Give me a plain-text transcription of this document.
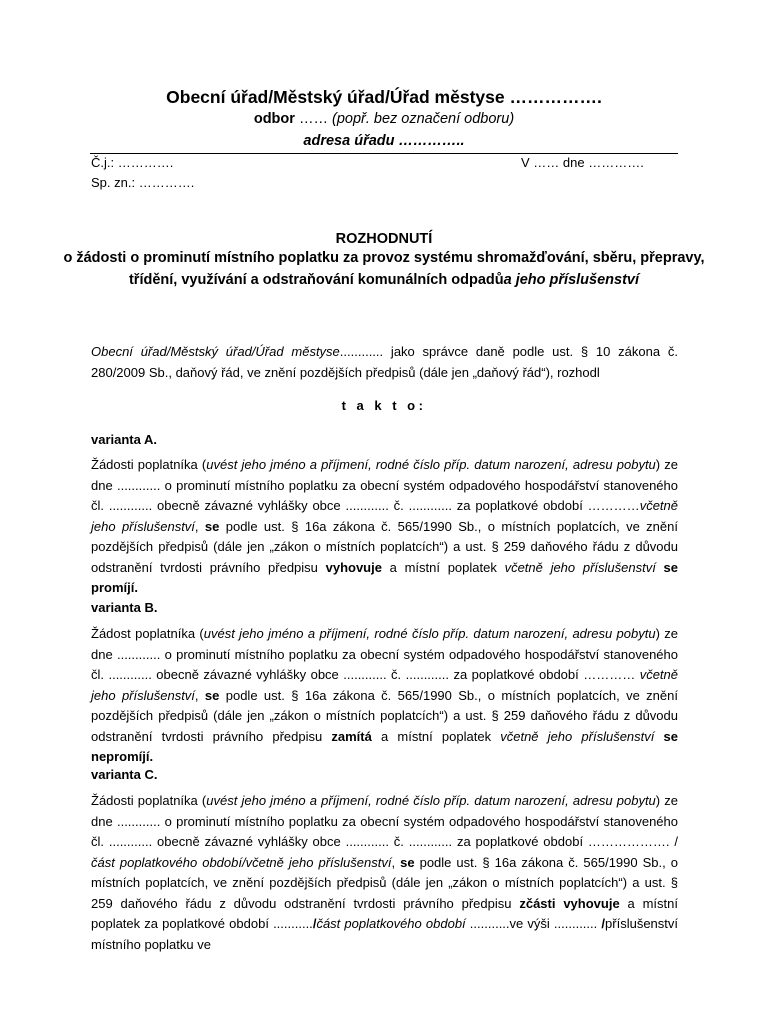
Obecní úřad/Městský úřad/Úřad městyse …………….
odbor …… (popř. bez označení odboru)
adresa úřadu …………..
Č.j.: ………….
Sp. zn.: ………….
V …… dne ………….
ROZHODNUTÍ
o žádosti o prominutí místního poplatku za provoz systému shromažďování, sběru, přepravy, třídění, využívání a odstraňování komunálních odpadůa jeho příslušenství
Obecní úřad/Městský úřad/Úřad městyse............ jako správce daně podle ust. § 10 zákona č. 280/2009 Sb., daňový řád, ve znění pozdějších předpisů (dále jen „daňový řád“), rozhodl
t a k t o:
varianta A.
Žádosti poplatníka (uvést jeho jméno a příjmení, rodné číslo příp. datum narození, adresu pobytu) ze dne ............ o prominutí místního poplatku za obecní systém odpadového hospodářství stanoveného čl. ............ obecně závazné vyhlášky obce ............ č. ............ za poplatkové období …………včetně jeho příslušenství, se podle ust. § 16a zákona č. 565/1990 Sb., o místních poplatcích, ve znění pozdějších předpisů (dále jen „zákon o místních poplatcích“) a ust. § 259 daňového řádu z důvodu odstranění tvrdosti právního předpisu vyhovuje a místní poplatek včetně jeho příslušenství se promíjí.
varianta B.
Žádost poplatníka (uvést jeho jméno a příjmení, rodné číslo příp. datum narození, adresu pobytu) ze dne ............ o prominutí místního poplatku za obecní systém odpadového hospodářství stanoveného čl. ............ obecně závazné vyhlášky obce ............ č. ............ za poplatkové období ………… včetně jeho příslušenství, se podle ust. § 16a zákona č. 565/1990 Sb., o místních poplatcích, ve znění pozdějších předpisů (dále jen „zákon o místních poplatcích“) a ust. § 259 daňového řádu z důvodu odstranění tvrdosti právního předpisu zamítá a místní poplatek včetně jeho příslušenství se nepromíjí.
varianta C.
Žádosti poplatníka (uvést jeho jméno a příjmení, rodné číslo příp. datum narození, adresu pobytu) ze dne ............ o prominutí místního poplatku za obecní systém odpadového hospodářství stanoveného čl. ............ obecně závazné vyhlášky obce ............ č. ............ za poplatkové období ………………. /část poplatkového období/včetně jeho příslušenství, se podle ust. § 16a zákona č. 565/1990 Sb., o místních poplatcích, ve znění pozdějších předpisů (dále jen „zákon o místních poplatcích“) a ust. § 259 daňového řádu z důvodu odstranění tvrdosti právního předpisu zčásti vyhovuje a místní poplatek za poplatkové období .........../část poplatkového období ...........ve výši ............ /příslušenství místního poplatku ve
